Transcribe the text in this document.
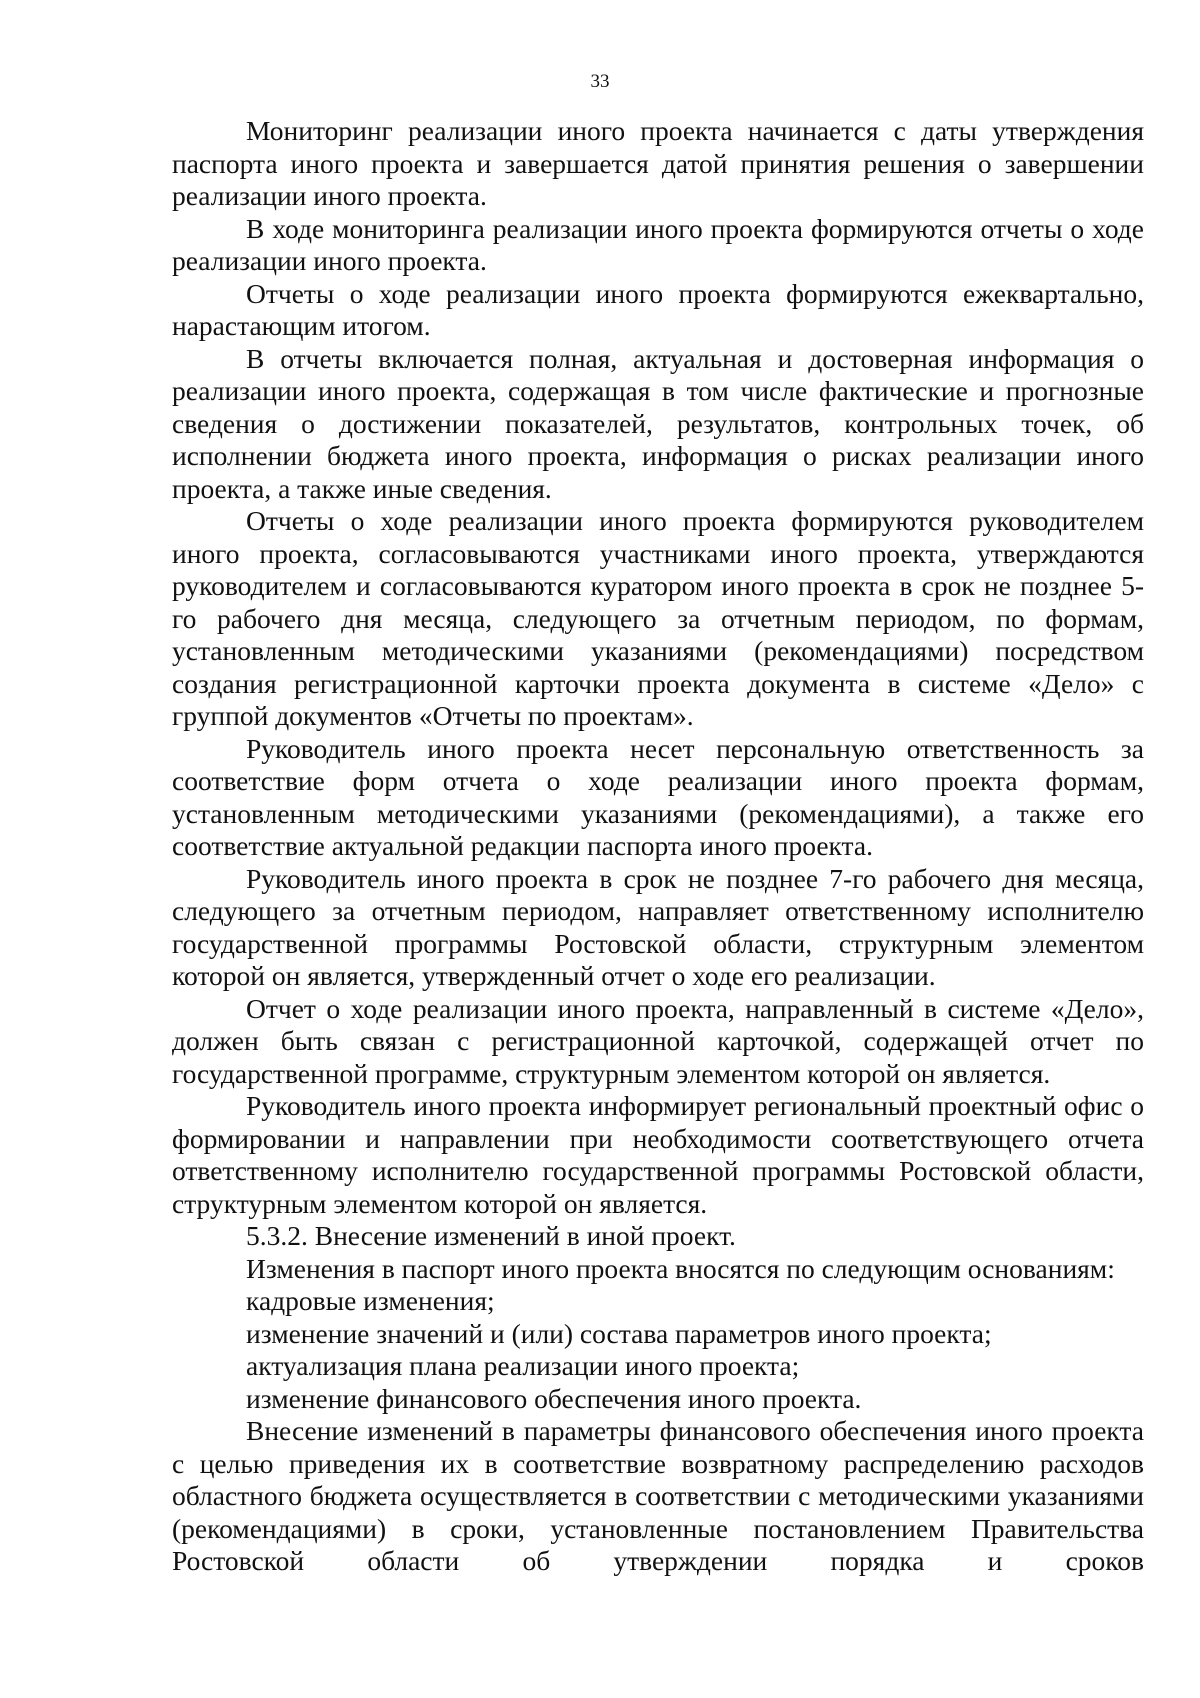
33

Мониторинг реализации иного проекта начинается с даты утверждения паспорта иного проекта и завершается датой принятия решения о завершении реализации иного проекта.

В ходе мониторинга реализации иного проекта формируются отчеты о ходе реализации иного проекта.

Отчеты о ходе реализации иного проекта формируются ежеквартально, нарастающим итогом.

В отчеты включается полная, актуальная и достоверная информация о реализации иного проекта, содержащая в том числе фактические и прогнозные сведения о достижении показателей, результатов, контрольных точек, об исполнении бюджета иного проекта, информация о рисках реализации иного проекта, а также иные сведения.

Отчеты о ходе реализации иного проекта формируются руководителем иного проекта, согласовываются участниками иного проекта, утверждаются руководителем и согласовываются куратором иного проекта в срок не позднее 5-го рабочего дня месяца, следующего за отчетным периодом, по формам, установленным методическими указаниями (рекомендациями) посредством создания регистрационной карточки проекта документа в системе «Дело» с группой документов «Отчеты по проектам».

Руководитель иного проекта несет персональную ответственность за соответствие форм отчета о ходе реализации иного проекта формам, установленным методическими указаниями (рекомендациями), а также его соответствие актуальной редакции паспорта иного проекта.

Руководитель иного проекта в срок не позднее 7-го рабочего дня месяца, следующего за отчетным периодом, направляет ответственному исполнителю государственной программы Ростовской области, структурным элементом которой он является, утвержденный отчет о ходе его реализации.

Отчет о ходе реализации иного проекта, направленный в системе «Дело», должен быть связан с регистрационной карточкой, содержащей отчет по государственной программе, структурным элементом которой он является.

Руководитель иного проекта информирует региональный проектный офис о формировании и направлении при необходимости соответствующего отчета ответственному исполнителю государственной программы Ростовской области, структурным элементом которой он является.

5.3.2. Внесение изменений в иной проект.

Изменения в паспорт иного проекта вносятся по следующим основаниям:

кадровые изменения;

изменение значений и (или) состава параметров иного проекта;

актуализация плана реализации иного проекта;

изменение финансового обеспечения иного проекта.

Внесение изменений в параметры финансового обеспечения иного проекта с целью приведения их в соответствие возвратному распределению расходов областного бюджета осуществляется в соответствии с методическими указаниями (рекомендациями) в сроки, установленные постановлением Правительства Ростовской области об утверждении порядка и сроков
